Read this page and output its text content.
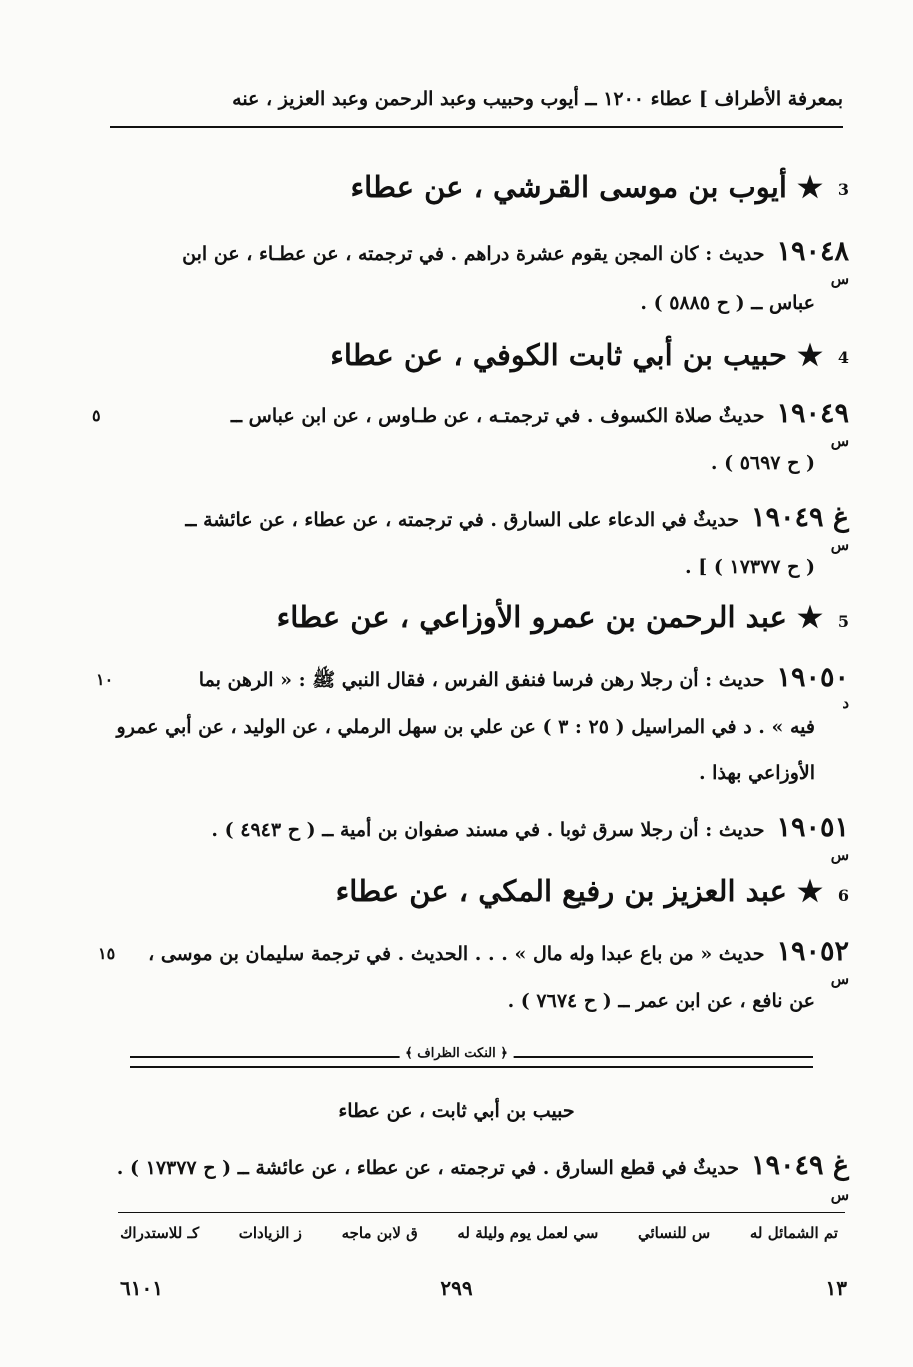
بمعرفة الأطراف ] عطاء ١٢٠٠ ــ أيوب وحبيب وعبد الرحمن وعبد العزيز ، عنه
3
★ أيوب بن موسى القرشي ، عن عطاء
١٩٠٤٨حديث : كان المجن يقوم عشرة دراهم . في ترجمته ، عن عطـاء ، عن ابن
س
عباس ــ ( ح ٥٨٨٥ ) .
4
★ حبيب بن أبي ثابت الكوفي ، عن عطاء
١٩٠٤٩حديثٌ صلاة الكسوف . في ترجمتـه ، عن طـاوس ، عن ابن عباس ــ
٥
س
( ح ٥٦٩٧ ) .
غ ١٩٠٤٩حديثٌ في الدعاء على السارق . في ترجمته ، عن عطاء ، عن عائشة ــ
س
( ح ١٧٣٧٧ ) ] .
5
★ عبد الرحمن بن عمرو الأوزاعي ، عن عطاء
١٩٠٥٠حديث : أن رجلا رهن فرسا فنفق الفرس ، فقال النبي ﷺ : « الرهن بما
١٠
د
فيه » . د في المراسيل ( ٢٥ : ٣ ) عن علي بن سهل الرملي ، عن الوليد ، عن أبي عمرو
الأوزاعي بهذا .
١٩٠٥١حديث : أن رجلا سرق ثوبا . في مسند صفوان بن أمية ــ ( ح ٤٩٤٣ ) .
س
6
★ عبد العزيز بن رفيع المكي ، عن عطاء
١٩٠٥٢حديث « من باع عبدا وله مال » . . . الحديث . في ترجمة سليمان بن موسى ،
١٥
س
عن نافع ، عن ابن عمر ــ ( ح ٧٦٧٤ ) .
﴿ النكت الظراف ﴾
حبيب بن أبي ثابت ، عن عطاء
غ ١٩٠٤٩حديثٌ في قطع السارق . في ترجمته ، عن عطاء ، عن عائشة ــ ( ح ١٧٣٧٧ ) .
س
تم الشمائل له
س للنسائي
سي لعمل يوم وليلة له
ق لابن ماجه
ز الزيادات
كـ للاستدراك
١٣
٢٩٩
٦١٠١
